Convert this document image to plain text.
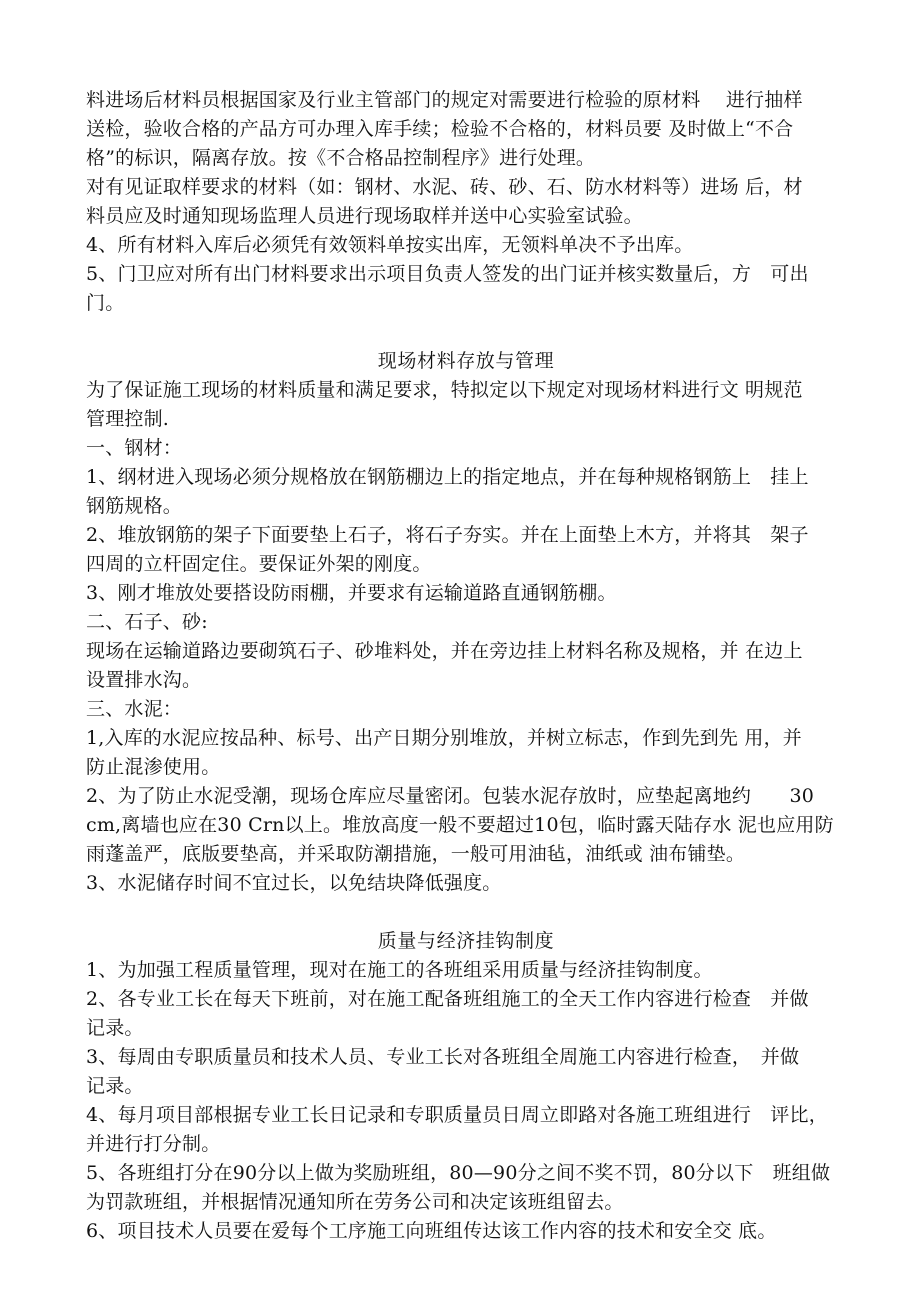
料进场后材料员根据国家及行业主管部门的规定对需要进行检验的原材料　 进行抽样
送检，验收合格的产品方可办理入库手续；检验不合格的，材料员要 及时做上“不合
格”的标识，隔离存放。按《不合格品控制程序》进行处理。
对有见证取样要求的材料（如：钢材、水泥、砖、砂、石、防水材料等）进场 后，材
料员应及时通知现场监理人员进行现场取样并送中心实验室试验。
4、所有材料入库后必须凭有效领料单按实出库，无领料单决不予出库。
5、门卫应对所有出门材料要求出示项目负责人签发的出门证并核实数量后，方　可出
门。
现场材料存放与管理
为了保证施工现场的材料质量和满足要求，特拟定以下规定对现场材料进行文 明规范
管理控制.
一、钢材：
1、纲材进入现场必须分规格放在钢筋棚边上的指定地点，并在每种规格钢筋上　挂上
钢筋规格。
2、堆放钢筋的架子下面要垫上石子，将石子夯实。并在上面垫上木方，并将其　架子
四周的立杆固定住。要保证外架的刚度。
3、刚才堆放处要搭设防雨棚，并要求有运输道路直通钢筋棚。
二、石子、砂:
现场在运输道路边要砌筑石子、砂堆料处，并在旁边挂上材料名称及规格，并 在边上
设置排水沟。
三、水泥：
1,入库的水泥应按品种、标号、出产日期分别堆放，并树立标志，作到先到先 用，并
防止混渗使用。
2、为了防止水泥受潮，现场仓库应尽量密闭。包装水泥存放时，应垫起离地约　　30
cm,离墙也应在30 Crn以上。堆放高度一般不要超过10包，临时露天陆存水 泥也应用防
雨蓬盖严，底版要垫高，并采取防潮措施，一般可用油毡，油纸或 油布铺垫。
3、水泥储存时间不宜过长，以免结块降低强度。
质量与经济挂钩制度
1、为加强工程质量管理，现对在施工的各班组采用质量与经济挂钩制度。
2、各专业工长在每天下班前，对在施工配备班组施工的全天工作内容进行检查　并做
记录。
3、每周由专职质量员和技术人员、专业工长对各班组全周施工内容进行检查，　并做
记录。
4、每月项目部根据专业工长日记录和专职质量员日周立即路对各施工班组进行　评比，
并进行打分制。
5、各班组打分在90分以上做为奖励班组，80—90分之间不奖不罚，80分以下　班组做
为罚款班组，并根据情况通知所在劳务公司和决定该班组留去。
6、项目技术人员要在爱每个工序施工向班组传达该工作内容的技术和安全交 底。
